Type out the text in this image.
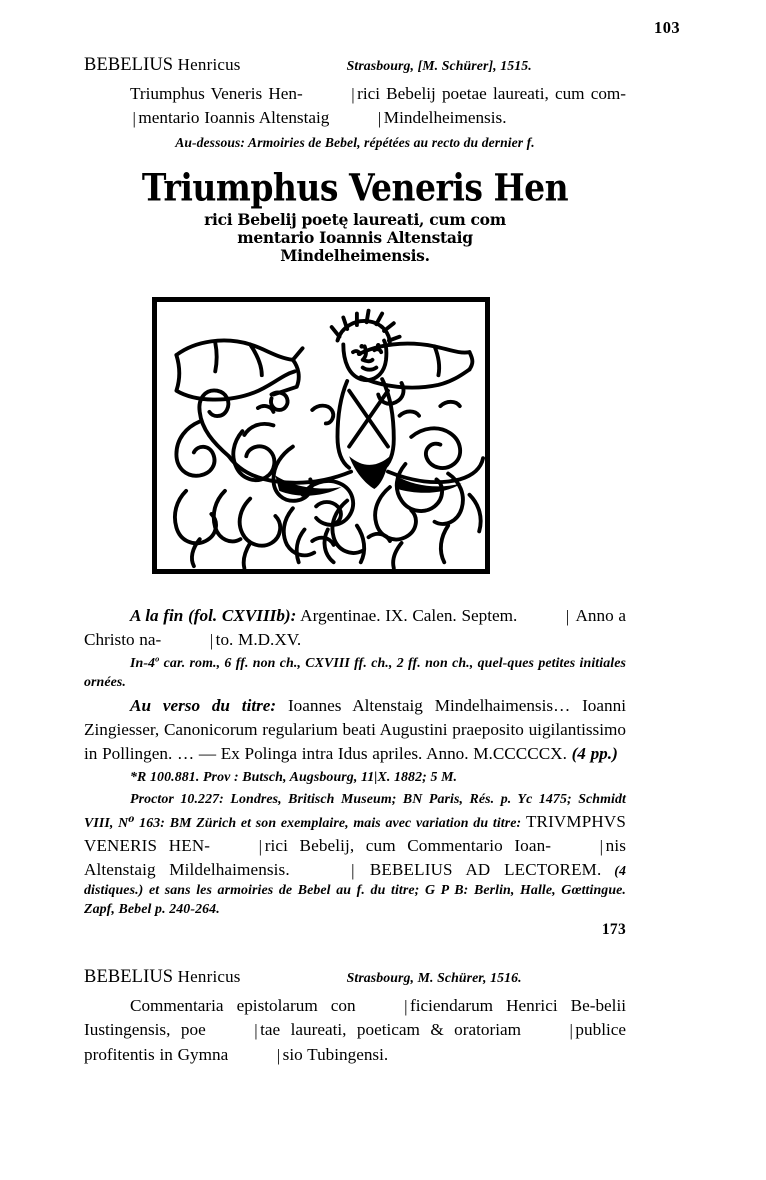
103
BEBELIUS Henricus	Strasbourg, [M. Schürer], 1515.
Triumphus Veneris Hen-	| rici Bebelij poetae laureati, cum com-| mentario Ioannis Altenstaig	| Mindelheimensis.
Au-dessous: Armoiries de Bebel, répétées au recto du dernier f.
Triumphus Veneris Hen
rici Bebelij poetę laureati, cum com
mentario Ioannis Altenstaig
Mindelheimensis.

A la fin (fol. CXVIIIb): Argentinae. IX. Calen. Septem.	| Anno a Christo na-	| to. M.D.XV.

In-4$^o$ car. rom., 6 ff. non ch., CXVIII ff. ch., 2 ff. non ch., quel-ques petites initiales ornées.

Au verso du titre: Ioannes Altenstaig Mindelhaimensis… Ioanni Zingiesser, Canonicorum regularium beati Augustini praeposito uigilantissimo in Pollingen. … — Ex Polinga intra Idus apriles. Anno. M.CCCCCX. (4 pp.)

*R 100.881. Prov : Butsch, Augsbourg, 11|X. 1882; 5 M.

Proctor 10.227: Londres, Britisch Museum; BN Paris, Rés. p. Yc 1475; Schmidt VIII, N⁰ 163: BM Zürich et son exemplaire, mais avec variation du titre: TRIVMPHVS VENERIS HEN-	| rici Bebelij, cum Commentario Ioan-	| nis Altenstaig Mildelhaimensis.	| BEBELIUS AD LECTOREM. (4 distiques.) et sans les armoiries de Bebel au f. du titre; G P B: Berlin, Halle, Gœttingue. Zapf, Bebel p. 240-264.

173
BEBELIUS Henricus	Strasbourg, M. Schürer, 1516.
Commentaria epistolarum con	| ficiendarum Henrici Be-belii Iustingensis, poe	| tae laureati, poeticam & oratoriam	| publice profitentis in Gymna	| sio Tubingensi.
